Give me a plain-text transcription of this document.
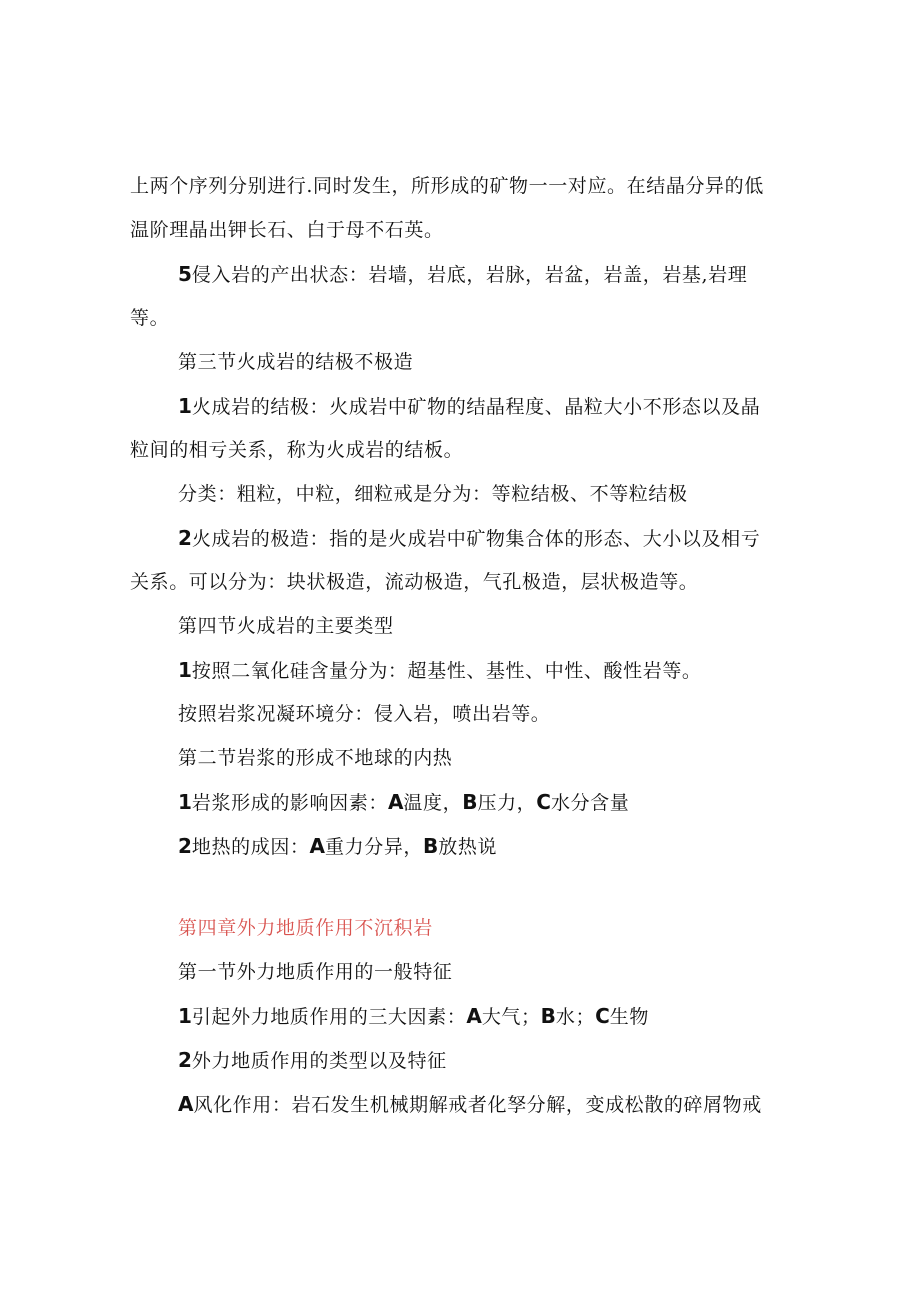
上两个序列分别进行.同时发生，所形成的矿物一一对应。在结晶分异的低
温阶理晶出钾长石、白于母不石英。
5侵入岩的产出状态：岩墙，岩底，岩脉，岩盆，岩盖，岩基,岩理
等。
第三节火成岩的结极不极造
1火成岩的结极：火成岩中矿物的结晶程度、晶粒大小不形态以及晶
粒间的相亏关系，称为火成岩的结板。
分类：粗粒，中粒，细粒戒是分为：等粒结极、不等粒结极
2火成岩的极造：指的是火成岩中矿物集合体的形态、大小以及相亏
关系。可以分为：块状极造，流动极造，气孔极造，层状极造等。
第四节火成岩的主要类型
1按照二氧化硅含量分为：超基性、基性、中性、酸性岩等。
按照岩浆况凝环境分：侵入岩，喷出岩等。
第二节岩浆的形成不地球的内热
1岩浆形成的影响因素：A温度，B压力，C水分含量
2地热的成因：A重力分异，B放热说
第四章外力地质作用不沉积岩
第一节外力地质作用的一般特征
1引起外力地质作用的三大因素：A大气；B水；C生物
2外力地质作用的类型以及特征
A风化作用：岩石发生机械期解戒者化孥分解，变成松散的碎屑物戒
